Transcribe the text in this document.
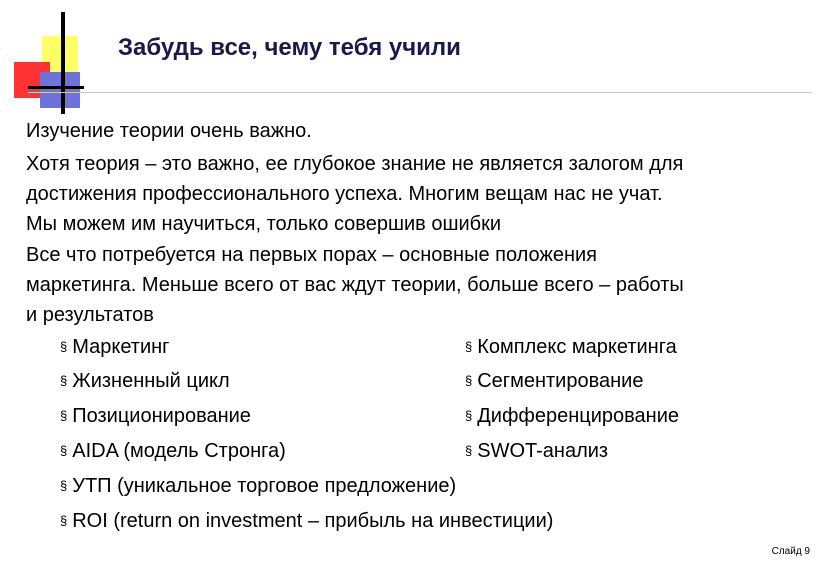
Забудь все, чему тебя учили

Изучение теории очень важно.

Хотя теория – это важно, ее глубокое знание не является залогом для
достижения профессионального успеха. Многим вещам нас не учат.
Мы можем им научиться, только совершив ошибки

Все что потребуется на первых порах – основные положения
маркетинга. Меньше всего от вас ждут теории, больше всего – работы
и результатов

§ Маркетинг	§ Комплекс маркетинга
§ Жизненный цикл	§ Сегментирование
§ Позиционирование	§ Дифференцирование
§ AIDA (модель Стронга)	§ SWOT-анализ
§ УТП (уникальное торговое предложение)
§ ROI (return on investment – прибыль на инвестиции)
Слайд 9
